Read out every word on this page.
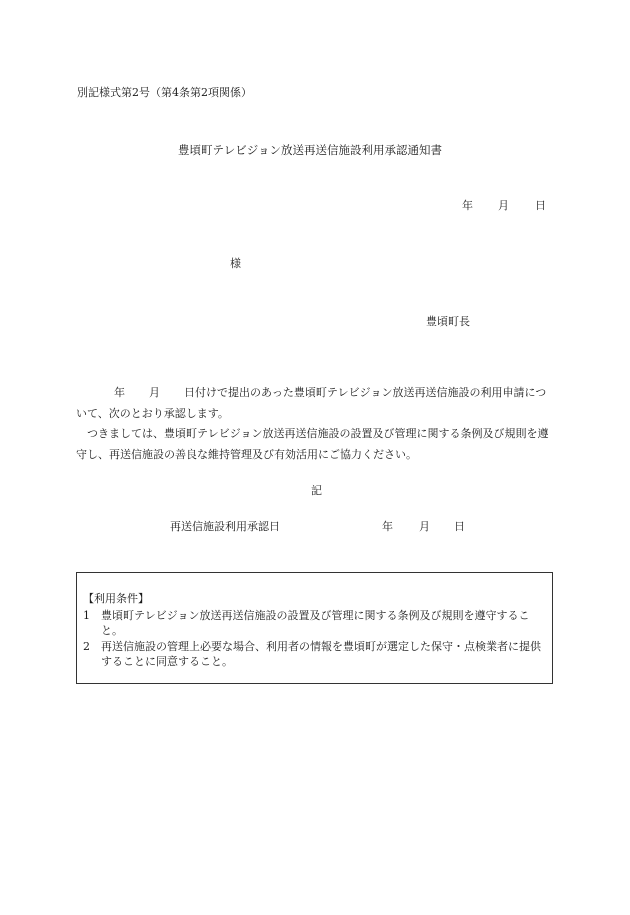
別記様式第2号（第4条第2項関係）
豊頃町テレビジョン放送再送信施設利用承認通知書
年	月	日
様
豊頃町長
年 月 日付けで提出のあった豊頃町テレビジョン放送再送信施設の利用申請について、次のとおり承認します。
つきましては、豊頃町テレビジョン放送再送信施設の設置及び管理に関する条例及び規則を遵守し、再送信施設の善良な維持管理及び有効活用にご協力ください。
記
再送信施設利用承認日	年	月	日
【利用条件】
1	豊頃町テレビジョン放送再送信施設の設置及び管理に関する条例及び規則を遵守すること。
2	再送信施設の管理上必要な場合、利用者の情報を豊頃町が選定した保守・点検業者に提供することに同意すること。
